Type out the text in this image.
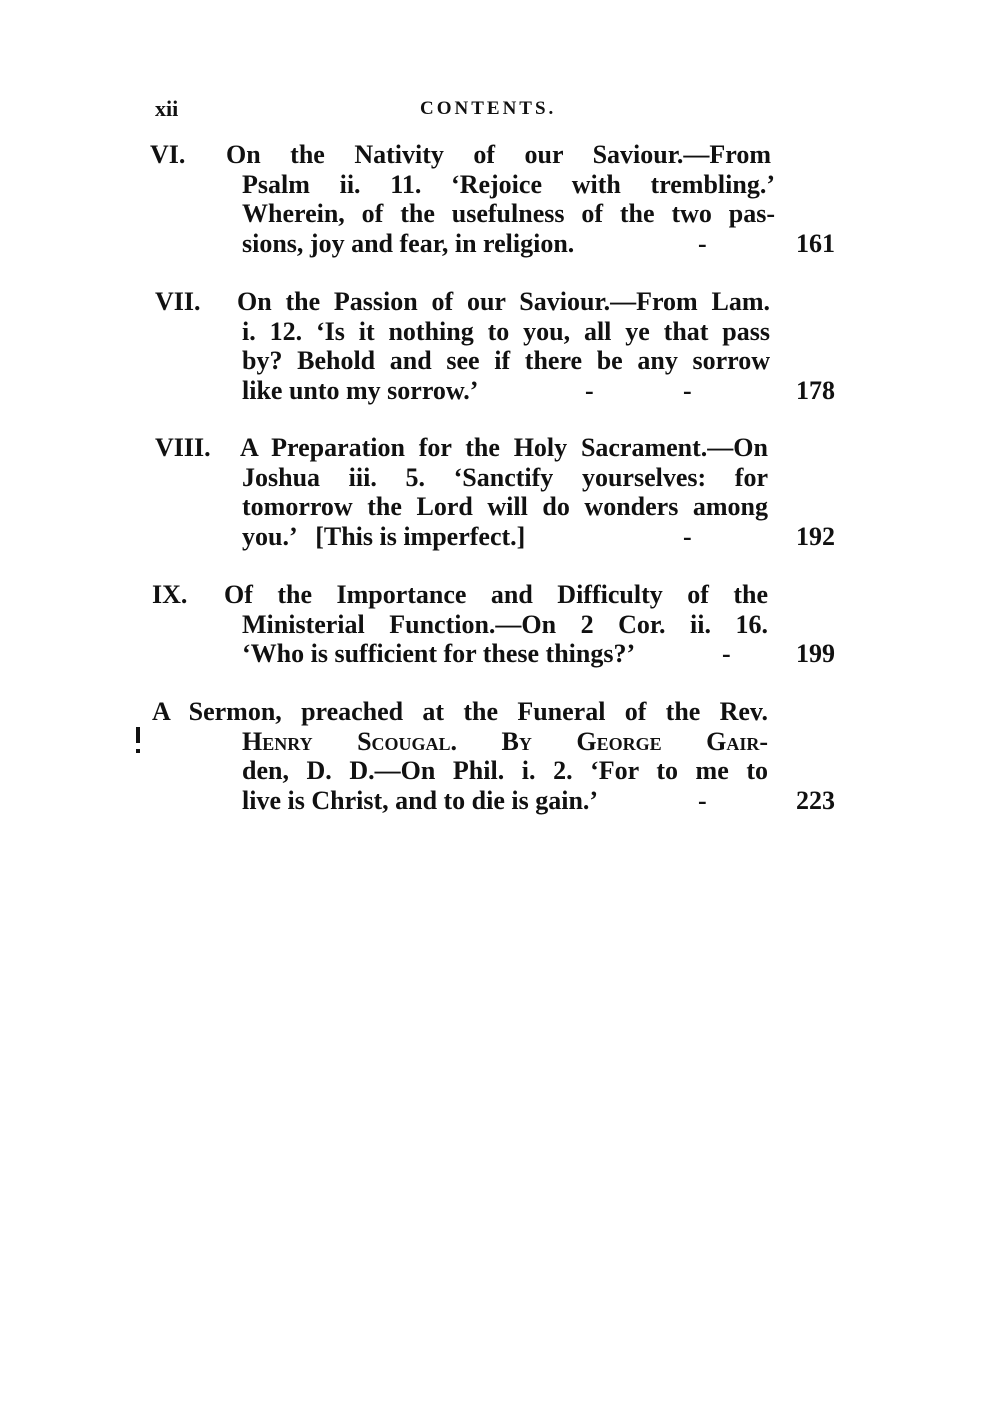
xii	CONTENTS.
VI. On the Nativity of our Saviour.—From
Psalm ii. 11. ‘Rejoice with trembling.’
Wherein, of the usefulness of the two pas-
sions, joy and fear, in religion.	-	161
VII. On the Passion of our Saviour.—From Lam.
i. 12. ‘Is it nothing to you, all ye that pass
by? Behold and see if there be any sorrow
like unto my sorrow.’	-	-	178
VIII. A Preparation for the Holy Sacrament.—On
Joshua iii. 5. ‘Sanctify yourselves: for
tomorrow the Lord will do wonders among
you.’   [This is imperfect.]	-	192
IX. Of the Importance and Difficulty of the
Ministerial Function.—On 2 Cor. ii. 16.
‘Who is sufficient for these things?’	-	199
A Sermon, preached at the Funeral of the Rev.
Henry Scougal. By George Gair-
den, D. D.—On Phil. i. 2. ‘For to me to
live is Christ, and to die is gain.’	-	223
